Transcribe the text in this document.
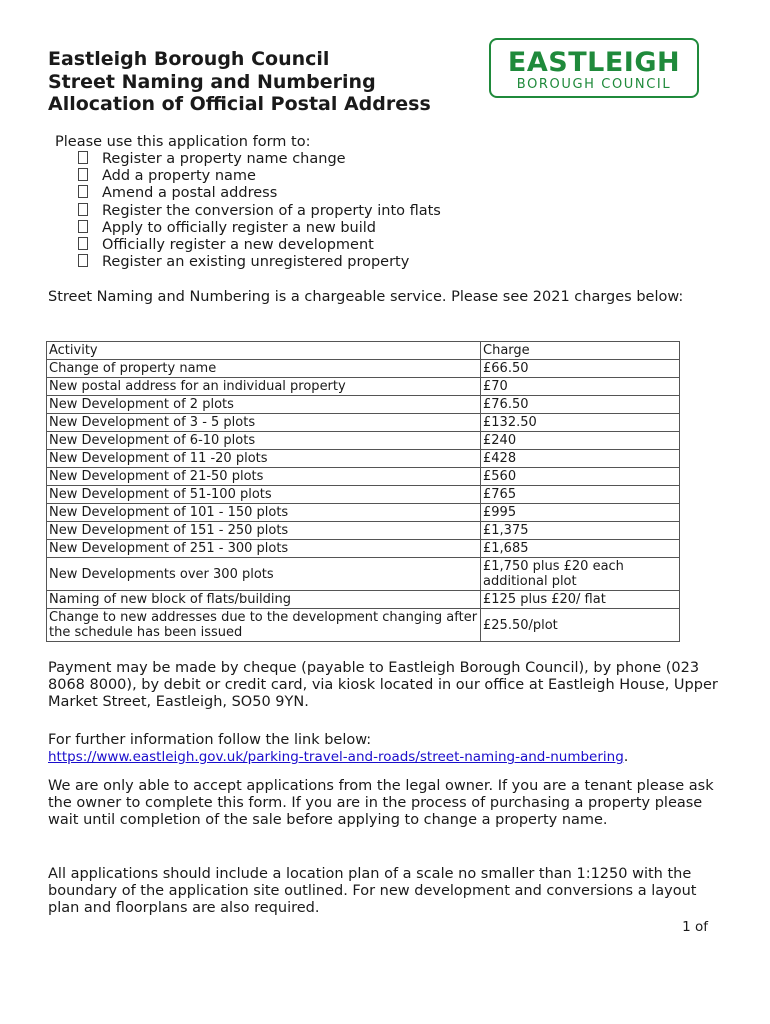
Eastleigh Borough Council
Street Naming and Numbering
Allocation of Official Postal Address
EASTLEIGH
BOROUGH COUNCIL
Please use this application form to:
Register a property name change
Add a property name
Amend a postal address
Register the conversion of a property into flats
Apply to officially register a new build
Officially register a new development
Register an existing unregistered property
Street Naming and Numbering is a chargeable service. Please see 2021 charges below:
Activity	Charge
Change of property name	£66.50
New postal address for an individual property	£70
New Development of 2 plots	£76.50
New Development of 3 - 5 plots	£132.50
New Development of 6-10 plots	£240
New Development of 11 -20 plots	£428
New Development of 21-50 plots	£560
New Development of 51-100 plots	£765
New Development of 101 - 150 plots	£995
New Development of 151 - 250 plots	£1,375
New Development of 251 - 300 plots	£1,685
New Developments over 300 plots	£1,750 plus £20 each additional plot
Naming of new block of flats/building	£125 plus £20/ flat
Change to new addresses due to the development changing after the schedule has been issued	£25.50/plot
Payment may be made by cheque (payable to Eastleigh Borough Council), by phone (023 8068 8000), by debit or credit card, via kiosk located in our office at Eastleigh House, Upper Market Street, Eastleigh, SO50 9YN.
For further information follow the link below:
https://www.eastleigh.gov.uk/parking-travel-and-roads/street-naming-and-numbering.
We are only able to accept applications from the legal owner. If you are a tenant please ask the owner to complete this form. If you are in the process of purchasing a property please wait until completion of the sale before applying to change a property name.
All applications should include a location plan of a scale no smaller than 1:1250 with the boundary of the application site outlined. For new development and conversions a layout plan and floorplans are also required.
1 of
